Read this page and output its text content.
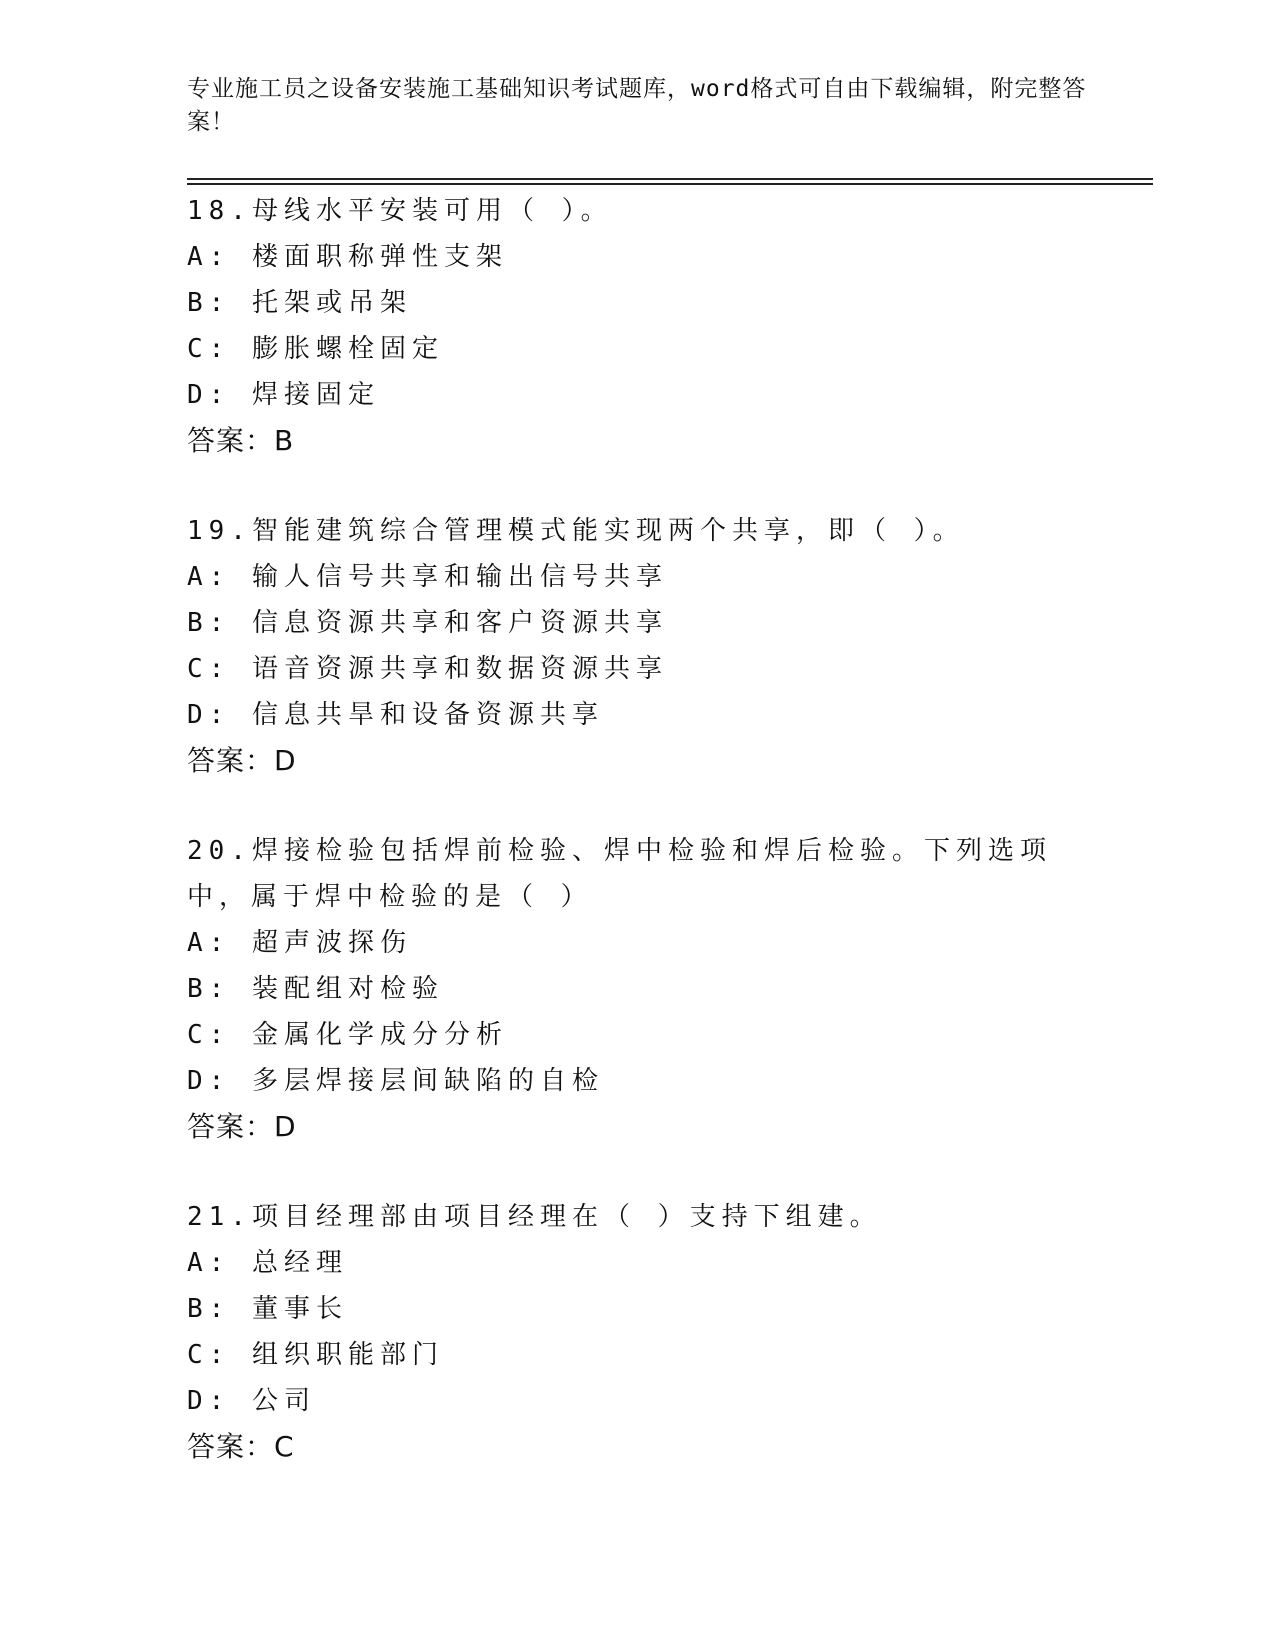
专业施工员之设备安装施工基础知识考试题库，word格式可自由下载编辑，附完整答案！
18.母线水平安装可用（ ）。
A: 楼面职称弹性支架
B: 托架或吊架
C: 膨胀螺栓固定
D: 焊接固定
答案：B
19.智能建筑综合管理模式能实现两个共享，即（ ）。
A: 输人信号共享和输出信号共享
B: 信息资源共享和客户资源共享
C: 语音资源共享和数据资源共享
D: 信息共旱和设备资源共享
答案：D
20.焊接检验包括焊前检验、焊中检验和焊后检验。下列选项中，属于焊中检验的是（ ）
A: 超声波探伤
B: 装配组对检验
C: 金属化学成分分析
D: 多层焊接层间缺陷的自检
答案：D
21.项目经理部由项目经理在（ ）支持下组建。
A: 总经理
B: 董事长
C: 组织职能部门
D: 公司
答案：C
